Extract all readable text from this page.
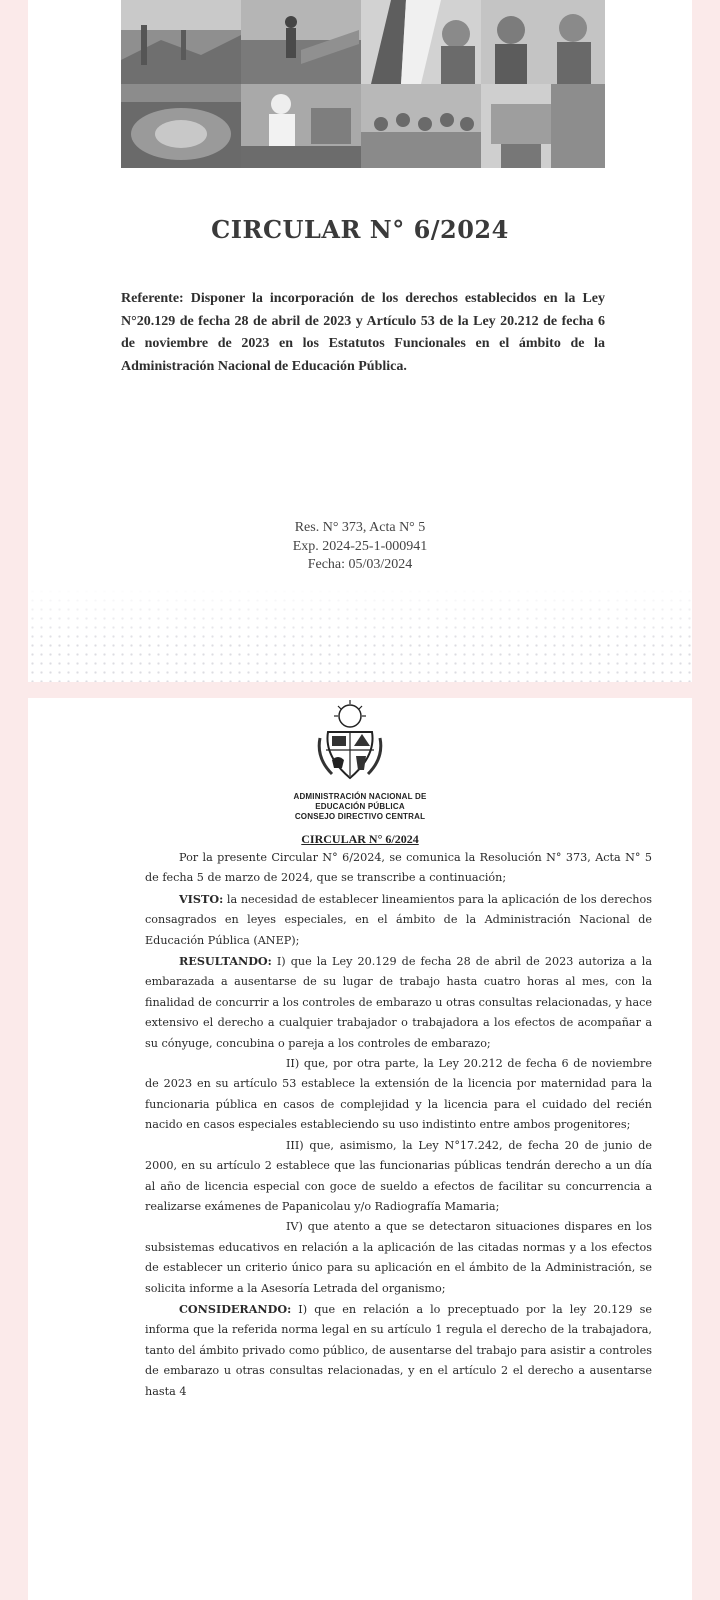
CIRCULAR N° 6/2024

Referente: Disponer la incorporación de los derechos establecidos en la Ley N°20.129 de fecha 28 de abril de 2023 y Artículo 53 de la Ley 20.212 de fecha 6 de noviembre de 2023 en los Estatutos Funcionales en el ámbito de la Administración Nacional de Educación Pública.

Res. N° 373, Acta N° 5
Exp. 2024-25-1-000941
Fecha: 05/03/2024
ADMINISTRACIÓN NACIONAL DE
EDUCACIÓN PÚBLICA
CONSEJO DIRECTIVO CENTRAL
CIRCULAR N° 6/2024

Por la presente Circular N° 6/2024, se comunica la Resolución N° 373, Acta N° 5 de fecha 5 de marzo de 2024, que se transcribe a continuación;

VISTO: la necesidad de establecer lineamientos para la aplicación de los derechos consagrados en leyes especiales, en el ámbito de la Administración Nacional de Educación Pública (ANEP);

RESULTANDO: I) que la Ley 20.129 de fecha 28 de abril de 2023 autoriza a la embarazada a ausentarse de su lugar de trabajo hasta cuatro horas al mes, con la finalidad de concurrir a los controles de embarazo u otras consultas relacionadas, y hace extensivo el derecho a cualquier trabajador o trabajadora a los efectos de acompañar a su cónyuge, concubina o pareja a los controles de embarazo;

II) que, por otra parte, la Ley 20.212 de fecha 6 de noviembre de 2023 en su artículo 53 establece la extensión de la licencia por maternidad para la funcionaria pública en casos de complejidad y la licencia para el cuidado del recién nacido en casos especiales estableciendo su uso indistinto entre ambos progenitores;

III) que, asimismo, la Ley N°17.242, de fecha 20 de junio de 2000, en su artículo 2 establece que las funcionarias públicas tendrán derecho a un día al año de licencia especial con goce de sueldo a efectos de facilitar su concurrencia a realizarse exámenes de Papanicolau y/o Radiografía Mamaria;

IV) que atento a que se detectaron situaciones dispares en los subsistemas educativos en relación a la aplicación de las citadas normas y a los efectos de establecer un criterio único para su aplicación en el ámbito de la Administración, se solicita informe a la Asesoría Letrada del organismo;

CONSIDERANDO: I) que en relación a lo preceptuado por la ley 20.129 se informa que la referida norma legal en su artículo 1 regula el derecho de la trabajadora, tanto del ámbito privado como público, de ausentarse del trabajo para asistir a controles de embarazo u otras consultas relacionadas, y en el artículo 2 el derecho a ausentarse hasta 4
